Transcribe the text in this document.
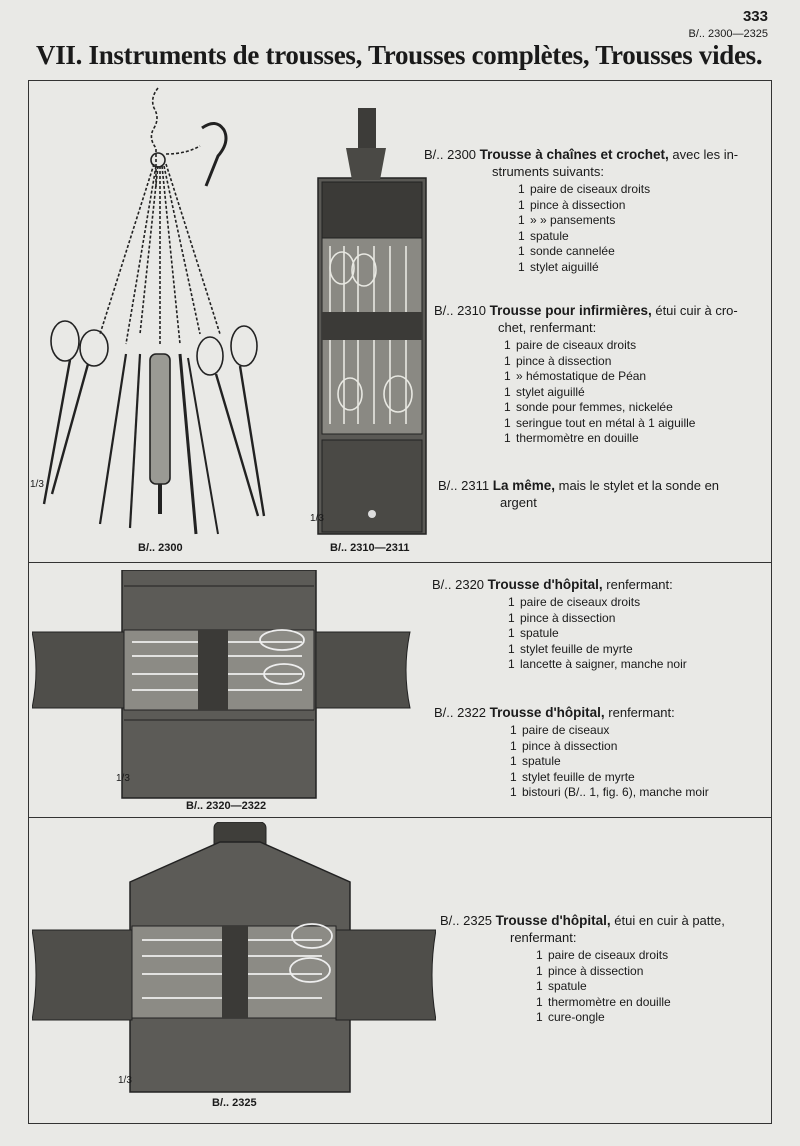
333
B/.. 2300—2325
VII. Instruments de trousses, Trousses complètes, Trousses vides.
1/3
B/.. 2300
1/3
B/.. 2310—2311
B/.. 2300 Trousse à chaînes et crochet, avec les in-
struments suivants:
1 paire de ciseaux droits
1 pince à dissection
1 » » pansements
1 spatule
1 sonde cannelée
1 stylet aiguillé
B/.. 2310 Trousse pour infirmières, étui cuir à cro-
chet, renfermant:
1 paire de ciseaux droits
1 pince à dissection
1 » hémostatique de Péan
1 stylet aiguillé
1 sonde pour femmes, nickelée
1 seringue tout en métal à 1 aiguille
1 thermomètre en douille
B/.. 2311 La même, mais le stylet et la sonde en
argent
1/3
B/.. 2320—2322
B/.. 2320 Trousse d'hôpital, renfermant:
1 paire de ciseaux droits
1 pince à dissection
1 spatule
1 stylet feuille de myrte
1 lancette à saigner, manche noir
B/.. 2322 Trousse d'hôpital, renfermant:
1 paire de ciseaux
1 pince à dissection
1 spatule
1 stylet feuille de myrte
1 bistouri (B/.. 1, fig. 6), manche moir
1/3
B/.. 2325
B/.. 2325 Trousse d'hôpital, étui en cuir à patte,
renfermant:
1 paire de ciseaux droits
1 pince à dissection
1 spatule
1 thermomètre en douille
1 cure-ongle
